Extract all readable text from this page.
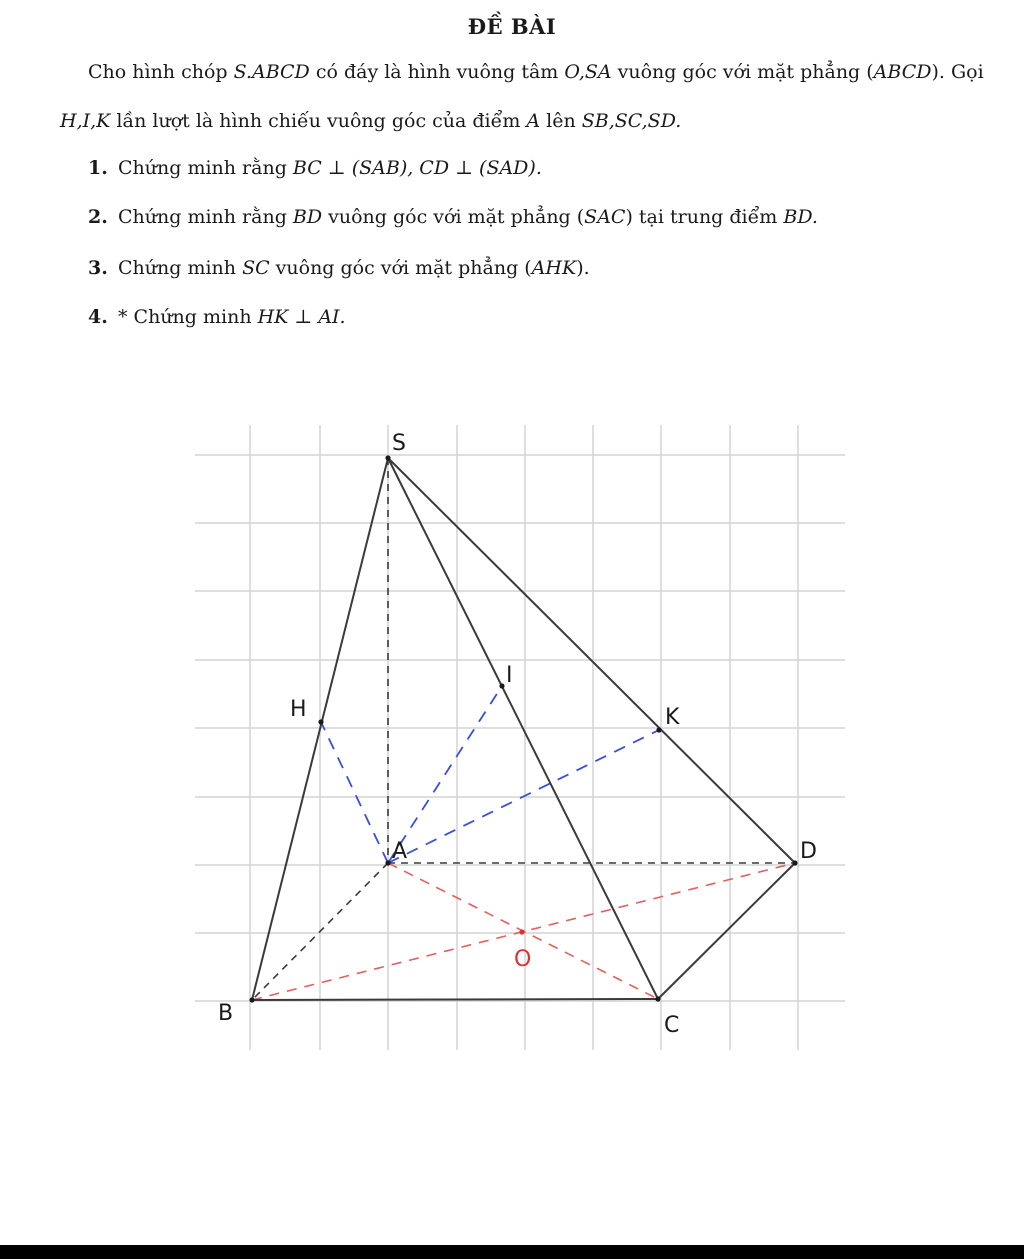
ĐỀ BÀI
Cho hình chóp S.ABCD có đáy là hình vuông tâm O,SA vuông góc với mặt phẳng (ABCD). Gọi
H,I,K lần lượt là hình chiếu vuông góc của điểm A lên SB,SC,SD.
1. Chứng minh rằng BC ⊥ (SAB), CD ⊥ (SAD).
2. Chứng minh rằng BD vuông góc với mặt phẳng (SAC) tại trung điểm BD.
3. Chứng minh SC vuông góc với mặt phẳng (AHK).
4. * Chứng minh HK ⊥ AI.
S
H
I
K
A	D
O
B	C
